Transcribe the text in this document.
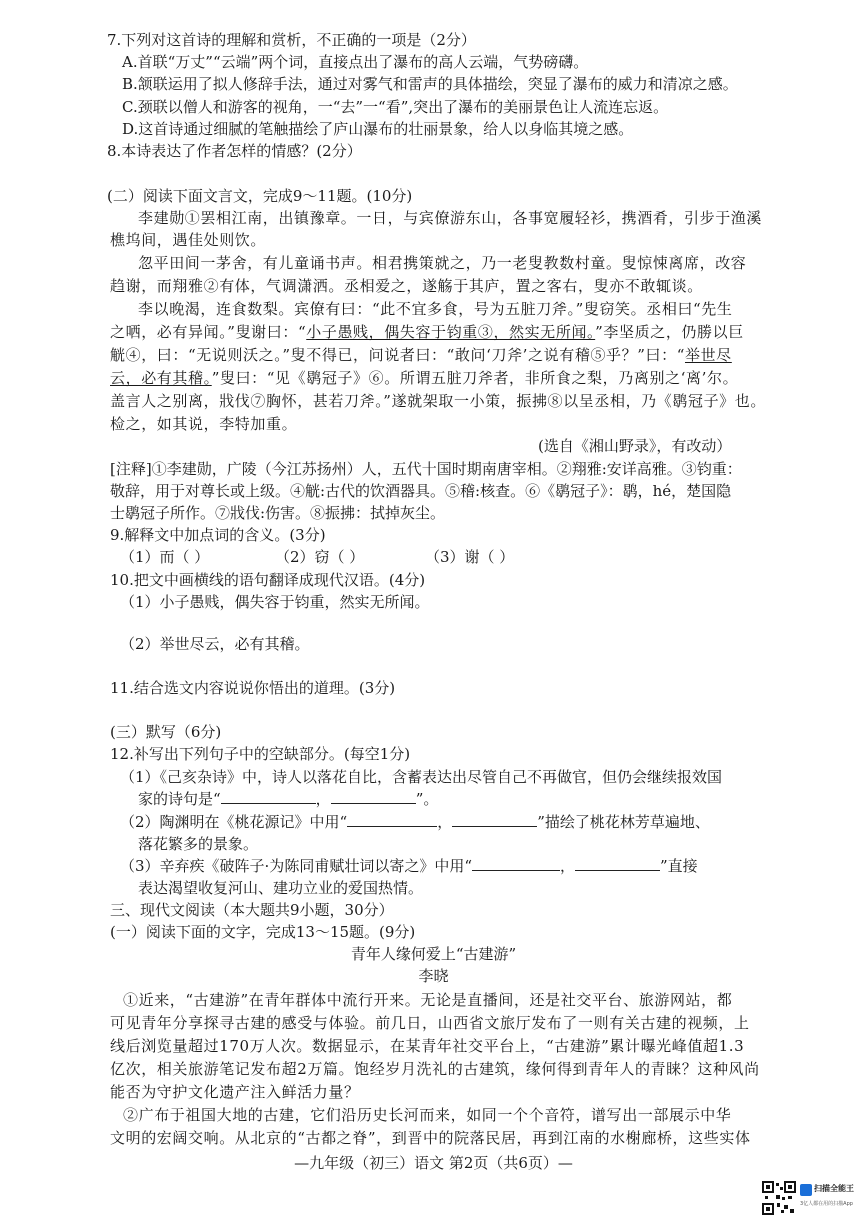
7.下列对这首诗的理解和赏析，不正确的一项是（2分）
A.首联“万丈”“云端”两个词，直接点出了瀑布的高人云端，气势磅礴。
B.颔联运用了拟人修辞手法，通过对雾气和雷声的具体描绘，突显了瀑布的威力和清凉之感。
C.颈联以僧人和游客的视角，一“去”一“看”,突出了瀑布的美丽景色让人流连忘返。
D.这首诗通过细腻的笔触描绘了庐山瀑布的壮丽景象，给人以身临其境之感。
8.本诗表达了作者怎样的情感？(2分）
(二）阅读下面文言文，完成9～11题。(10分)
李建勋①罢相江南，出镇豫章。一日，与宾僚游东山，各事宽履轻衫，携酒肴，引步于渔溪
樵坞间，遇佳处则饮。
忽平田间一茅舍，有儿童诵书声。相君携策就之，乃一老叟教数村童。叟惊悚离席，改容
趋谢，而翔雅②有体，气调潇洒。丞相爱之，遂觞于其庐，置之客右，叟亦不敢辄谈。
李以晚渴，连食数梨。宾僚有曰：“此不宜多食，号为五脏刀斧。”叟窃笑。丞相曰“先生
之哂，必有异闻。”叟谢曰：“小子愚贱，偶失容于钧重③，然实无所闻。”李坚质之，仍勝以巨
觥④，曰：“无说则沃之。”叟不得已，问说者曰：“敢问‘刀斧’之说有稽⑤乎？”曰：“举世尽
云，必有其稽。”叟曰：“见《鹖冠子》⑥。所谓五脏刀斧者，非所食之梨，乃离别之‘离’尔。
盖言人之别离，戕伐⑦胸怀，甚若刀斧。”遂就架取一小策，振拂⑧以呈丞相，乃《鹖冠子》也。
检之，如其说，李特加重。
(选自《湘山野录》，有改动）
[注释]①李建勋，广陵（今江苏扬州）人，五代十国时期南唐宰相。②翔雅:安详高雅。③钧重：
敬辞，用于对尊长或上级。④觥:古代的饮酒器具。⑤稽:核查。⑥《鹖冠子》：鹖，hé，楚国隐
士鹖冠子所作。⑦戕伐:伤害。⑧振拂：拭掉灰尘。
9.解释文中加点词的含义。(3分)
（1）而（ ）	（2）窃（ ）	（3）谢（ ）
10.把文中画横线的语句翻译成现代汉语。(4分)
（1）小子愚贱，偶失容于钧重，然实无所闻。
（2）举世尽云，必有其稽。
11.结合选文内容说说你悟出的道理。(3分)
(三）默写（6分)
12.补写出下列句子中的空缺部分。(每空1分)
（1）《己亥杂诗》中，诗人以落花自比，含蓄表达出尽管自己不再做官，但仍会继续报效国
家的诗句是“	，	”。
（2）陶渊明在《桃花源记》中用“	，	”描绘了桃花林芳草遍地、
落花繁多的景象。
（3）辛弃疾《破阵子·为陈同甫赋壮词以寄之》中用“	，	”直接
表达渴望收复河山、建功立业的爱国热情。
三、现代文阅读（本大题共9小题，30分）
(一）阅读下面的文字，完成13～15题。(9分)
青年人缘何爱上“古建游”
李晓
①近来，“古建游”在青年群体中流行开来。无论是直播间，还是社交平台、旅游网站，都
可见青年分享探寻古建的感受与体验。前几日，山西省文旅厅发布了一则有关古建的视频，上
线后浏览量超过170万人次。数据显示，在某青年社交平台上，“古建游”累计曝光峰值超1.3
亿次，相关旅游笔记发布超2万篇。饱经岁月洗礼的古建筑，缘何得到青年人的青睐？这种风尚
能否为守护文化遗产注入鲜活力量？
②广布于祖国大地的古建，它们沿历史长河而来，如同一个个音符，谱写出一部展示中华
文明的宏阔交响。从北京的“古都之脊”，到晋中的院落民居，再到江南的水榭廊桥，这些实体
—九年级（初三）语文 第2页（共6页）—
扫描全能王
3亿人都在用的扫描App
